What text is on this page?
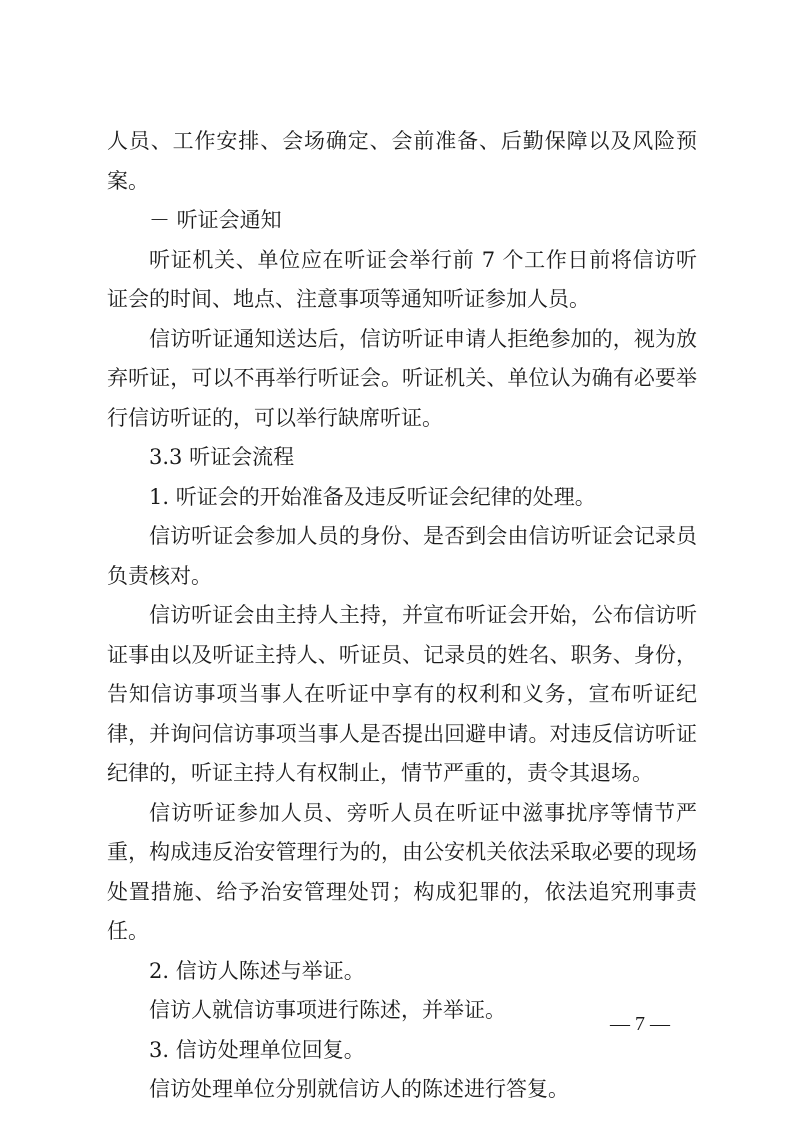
人员、工作安排、会场确定、会前准备、后勤保障以及风险预案。

－ 听证会通知

听证机关、单位应在听证会举行前 7 个工作日前将信访听证会的时间、地点、注意事项等通知听证参加人员。

信访听证通知送达后，信访听证申请人拒绝参加的，视为放弃听证，可以不再举行听证会。听证机关、单位认为确有必要举行信访听证的，可以举行缺席听证。

3.3 听证会流程

1. 听证会的开始准备及违反听证会纪律的处理。

信访听证会参加人员的身份、是否到会由信访听证会记录员负责核对。

信访听证会由主持人主持，并宣布听证会开始，公布信访听证事由以及听证主持人、听证员、记录员的姓名、职务、身份，告知信访事项当事人在听证中享有的权利和义务，宣布听证纪律，并询问信访事项当事人是否提出回避申请。对违反信访听证纪律的，听证主持人有权制止，情节严重的，责令其退场。

信访听证参加人员、旁听人员在听证中滋事扰序等情节严重，构成违反治安管理行为的，由公安机关依法采取必要的现场处置措施、给予治安管理处罚；构成犯罪的，依法追究刑事责任。

2. 信访人陈述与举证。

信访人就信访事项进行陈述，并举证。

3. 信访处理单位回复。

信访处理单位分别就信访人的陈述进行答复。

— 7 —
